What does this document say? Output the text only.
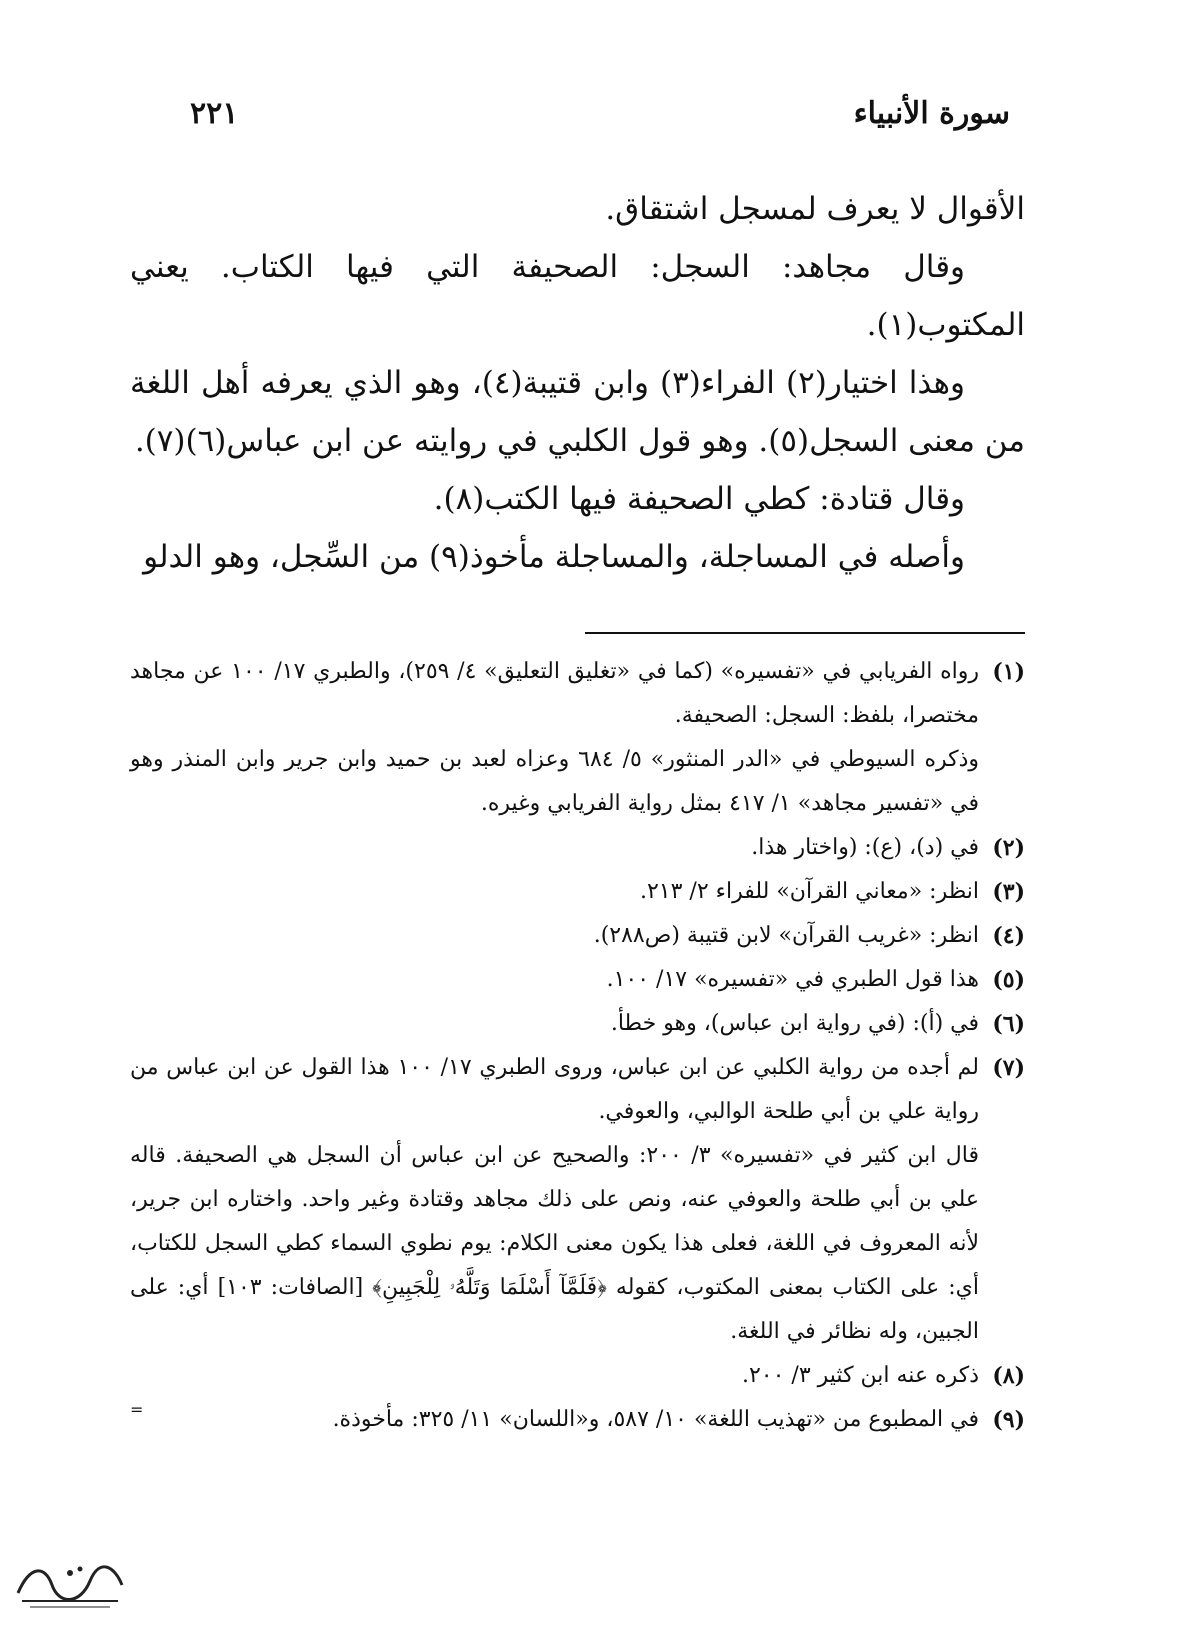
٢٢١	سورة الأنبياء

الأقوال لا يعرف لمسجل اشتقاق.

وقال مجاهد: السجل: الصحيفة التي فيها الكتاب. يعني المكتوب(١).

وهذا اختيار(٢) الفراء(٣) وابن قتيبة(٤)، وهو الذي يعرفه أهل اللغة من معنى السجل(٥). وهو قول الكلبي في روايته عن ابن عباس(٦)(٧).

وقال قتادة: كطي الصحيفة فيها الكتب(٨).

وأصله في المساجلة، والمساجلة مأخوذ(٩) من السِّجل، وهو الدلو

(١)
رواه الفريابي في «تفسيره» (كما في «تغليق التعليق» ٤/ ٢٥٩)، والطبري ١٧/ ١٠٠ عن مجاهد مختصرا، بلفظ: السجل: الصحيفة.
وذكره السيوطي في «الدر المنثور» ٥/ ٦٨٤ وعزاه لعبد بن حميد وابن جرير وابن المنذر وهو في «تفسير مجاهد» ١/ ٤١٧ بمثل رواية الفريابي وغيره.
(٢)
في (د)، (ع): (واختار هذا.
(٣)
انظر: «معاني القرآن» للفراء ٢/ ٢١٣.
(٤)
انظر: «غريب القرآن» لابن قتيبة (ص٢٨٨).
(٥)
هذا قول الطبري في «تفسيره» ١٧/ ١٠٠.
(٦)
في (أ): (في رواية ابن عباس)، وهو خطأ.
(٧)
لم أجده من رواية الكلبي عن ابن عباس، وروى الطبري ١٧/ ١٠٠ هذا القول عن ابن عباس من رواية علي بن أبي طلحة الوالبي، والعوفي.
قال ابن كثير في «تفسيره» ٣/ ٢٠٠: والصحيح عن ابن عباس أن السجل هي الصحيفة. قاله علي بن أبي طلحة والعوفي عنه، ونص على ذلك مجاهد وقتادة وغير واحد. واختاره ابن جرير، لأنه المعروف في اللغة، فعلى هذا يكون معنى الكلام: يوم نطوي السماء كطي السجل للكتاب، أي: على الكتاب بمعنى المكتوب، كقوله ﴿فَلَمَّآ أَسْلَمَا وَتَلَّهُۥ لِلْجَبِينِ﴾ [الصافات: ١٠٣] أي: على الجبين، وله نظائر في اللغة.
(٨)
ذكره عنه ابن كثير ٣/ ٢٠٠.
(٩)
في المطبوع من «تهذيب اللغة» ١٠/ ٥٨٧، و«اللسان» ١١/ ٣٢٥: مأخوذة.
=
